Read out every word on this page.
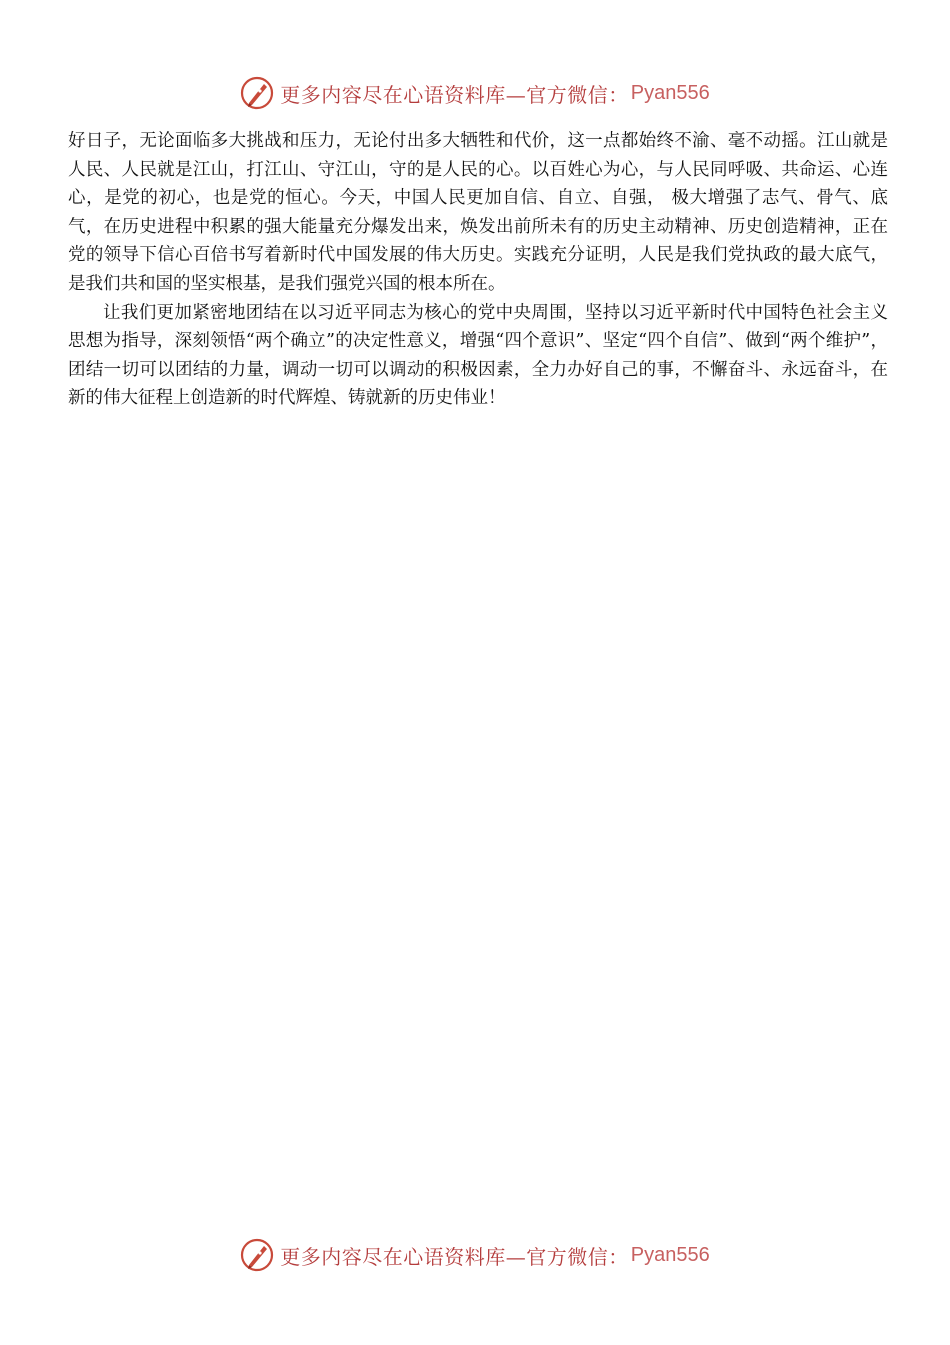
更多内容尽在心语资料库—官方微信： Pyan556

好日子，无论面临多大挑战和压力，无论付出多大牺牲和代价，这一点都始终不渝、毫不动摇。江山就是人民、人民就是江山，打江山、守江山，守的是人民的心。以百姓心为心，与人民同呼吸、共命运、心连心，是党的初心，也是党的恒心。今天，中国人民更加自信、自立、自强， 极大增强了志气、骨气、底气，在历史进程中积累的强大能量充分爆发出来，焕发出前所未有的历史主动精神、历史创造精神，正在党的领导下信心百倍书写着新时代中国发展的伟大历史。实践充分证明，人民是我们党执政的最大底气，是我们共和国的坚实根基，是我们强党兴国的根本所在。

让我们更加紧密地团结在以习近平同志为核心的党中央周围，坚持以习近平新时代中国特色社会主义思想为指导，深刻领悟“两个确立”的决定性意义，增强“四个意识”、坚定“四个自信”、做到“两个维护”，团结一切可以团结的力量，调动一切可以调动的积极因素，全力办好自己的事，不懈奋斗、永远奋斗，在新的伟大征程上创造新的时代辉煌、铸就新的历史伟业！

更多内容尽在心语资料库—官方微信： Pyan556
